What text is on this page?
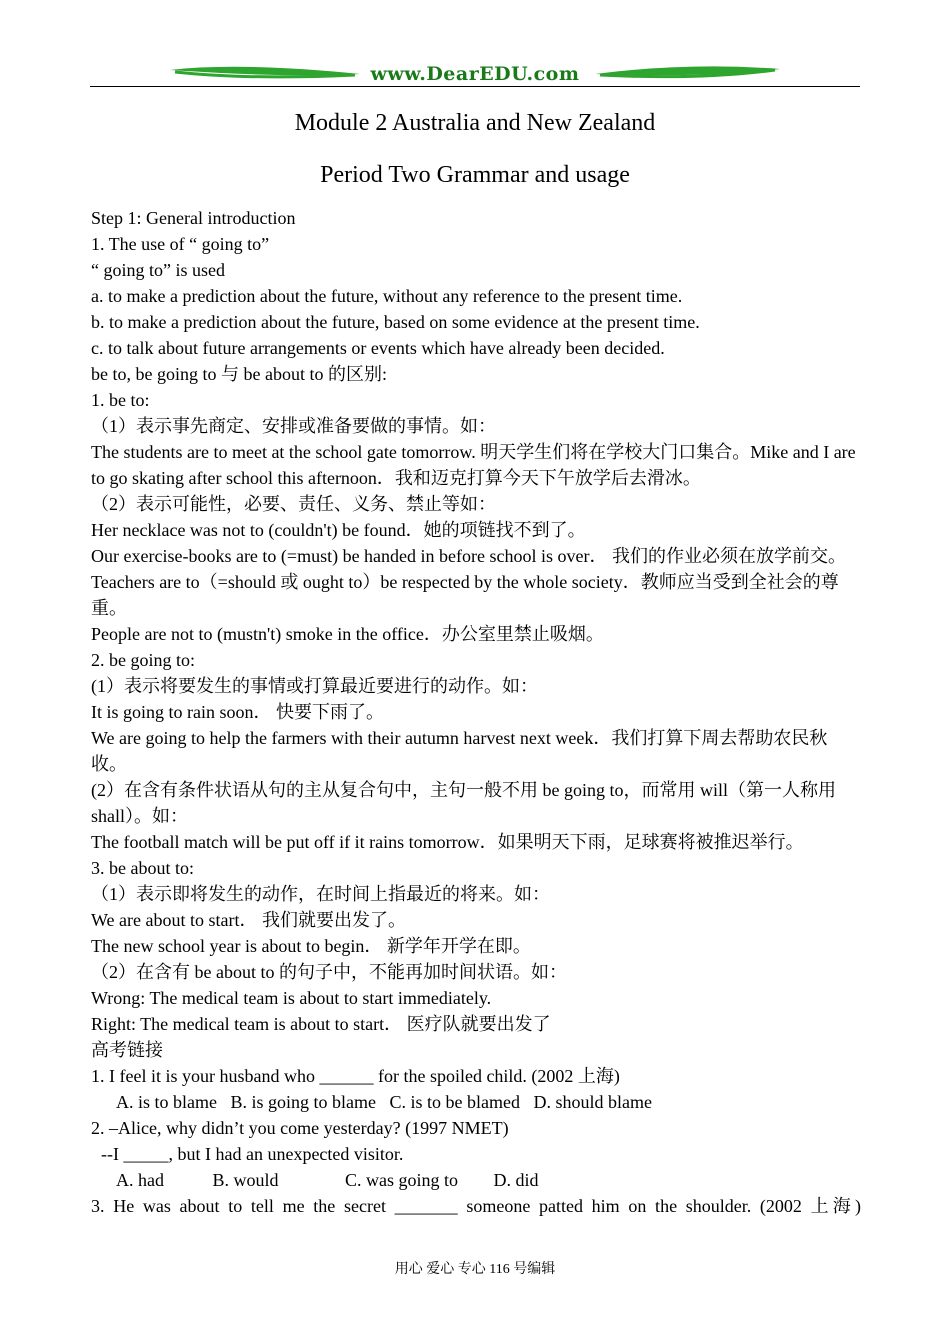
www.DearEDU.com
Module 2 Australia and New Zealand
Period Two Grammar and usage
Step 1: General introduction
1. The use of “ going to”
“ going to” is used
a. to make a prediction about the future, without any reference to the present time.
b. to make a prediction about the future, based on some evidence at the present time.
c. to talk about future arrangements or events which have already been decided.
be to, be going to 与 be about to 的区别:
1. be to:
（1）表示事先商定、安排或准备要做的事情。如：
The students are to meet at the school gate tomorrow. 明天学生们将在学校大门口集合。Mike and I are to go skating after school this afternoon．我和迈克打算今天下午放学后去滑冰。
（2）表示可能性，必要、责任、义务、禁止等如：
Her necklace was not to (couldn't) be found．她的项链找不到了。
Our exercise-books are to (=must) be handed in before school is over． 我们的作业必须在放学前交。
Teachers are to（=should 或 ought to）be respected by the whole society．教师应当受到全社会的尊重。
People are not to (mustn't) smoke in the office．办公室里禁止吸烟。
2. be going to:
(1）表示将要发生的事情或打算最近要进行的动作。如：
It is going to rain soon． 快要下雨了。
We are going to help the farmers with their autumn harvest next week．我们打算下周去帮助农民秋收。
(2）在含有条件状语从句的主从复合句中，主句一般不用 be going to，而常用 will（第一人称用 shall）。如：
The football match will be put off if it rains tomorrow．如果明天下雨，足球赛将被推迟举行。
3. be about to:
（1）表示即将发生的动作，在时间上指最近的将来。如：
We are about to start． 我们就要出发了。
The new school year is about to begin． 新学年开学在即。
（2）在含有 be about to 的句子中，不能再加时间状语。如：
Wrong: The medical team is about to start immediately.
Right: The medical team is about to start． 医疗队就要出发了
高考链接
1. I feel it is your husband who ______ for the spoiled child. (2002 上海)
A. is to blame B. is going to blame C. is to be blamed D. should blame
2. –Alice, why didn’t you come yesterday? (1997 NMET)
--I _____, but I had an unexpected visitor.
A. had	B. would	C. was going to D. did
3. He was about to tell me the secret _______ someone patted him on the shoulder. (2002 上海)
用心 爱心 专心 116 号编辑
